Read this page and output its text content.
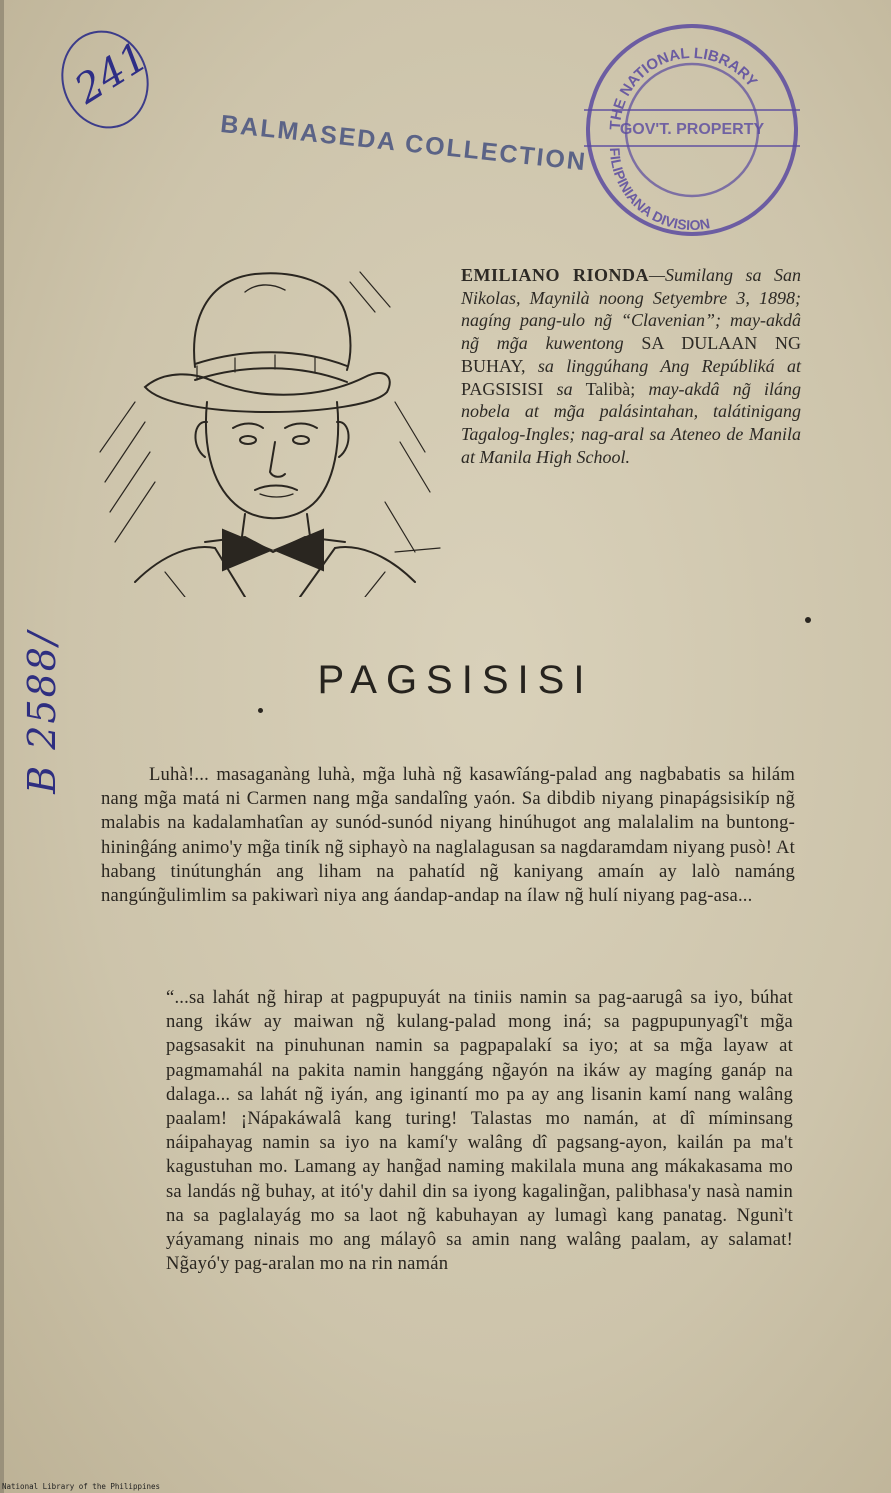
241
BALMASEDA COLLECTION THE NATIONAL LIBRARY
GOV'T. PROPERTY
FILIPINIANA DIVISION
B 2588/
EMILIANO RIONDA—Sumilang sa San Nikolas, Maynilà noong Setyembre 3, 1898; nagíng pang-ulo ng̃ “Clavenian”; may-akdâ ng̃ mg̃a kuwentong SA DULAAN NG BUHAY, sa linggúhang Ang Repúbliká at PAGSISISI sa Talibà; may-akdâ ng̃ iláng nobela at mg̃a palásintahan, talátinigang Tagalog-Ingles; nag-aral sa Ateneo de Manila at Manila High School.
PAGSISISI
Luhà!... masaganàng luhà, mg̃a luhà ng̃ kasawîáng-palad ang nagbabatis sa hilám nang mg̃a matá ni Carmen nang mg̃a sandalîng yaón. Sa dibdib niyang pinapágsisikíp ng̃ malabis na kadalamhatîan ay sunód-sunód niyang hinúhugot ang malalalim na buntong-hininĝáng animo'y mg̃a tiník ng̃ siphayò na naglalagusan sa nagdaramdam niyang pusò! At habang tinútunghán ang liham na pahatíd ng̃ kaniyang amaín ay lalò namáng nangúng̃ulimlim sa pakiwarì niya ang áandap-andap na ílaw ng̃ hulí niyang pag-asa...
“...sa lahát ng̃ hirap at pagpupuyát na tiniis namin sa pag-aarugâ sa iyo, búhat nang ikáw ay maiwan ng̃ kulang-palad mong iná; sa pagpupunyagî't mg̃a pagsasakit na pinuhunan namin sa pagpapalakí sa iyo; at sa mg̃a layaw at pagmamahál na pakita namin hanggáng ng̃ayón na ikáw ay magíng ganáp na dalaga... sa lahát ng̃ iyán, ang iginantí mo pa ay ang lisanin kamí nang walâng paalam! ¡Nápakáwalâ kang turing! Talastas mo namán, at dî míminsang náipahayag namin sa iyo na kamí'y walâng dî pagsang-ayon, kailán pa ma't kagustuhan mo. Lamang ay hang̃ad naming makilala muna ang mákakasama mo sa landás ng̃ buhay, at itó'y dahil din sa iyong kagaling̃an, palibhasa'y nasà namin na sa paglalayág mo sa laot ng̃ kabuhayan ay lumagì kang panatag. Ngunì't yáyamang ninais mo ang málayô sa amin nang walâng paalam, ay salamat! Ng̃ayó'y pag-aralan mo na rin namán
National Library of the Philippines
